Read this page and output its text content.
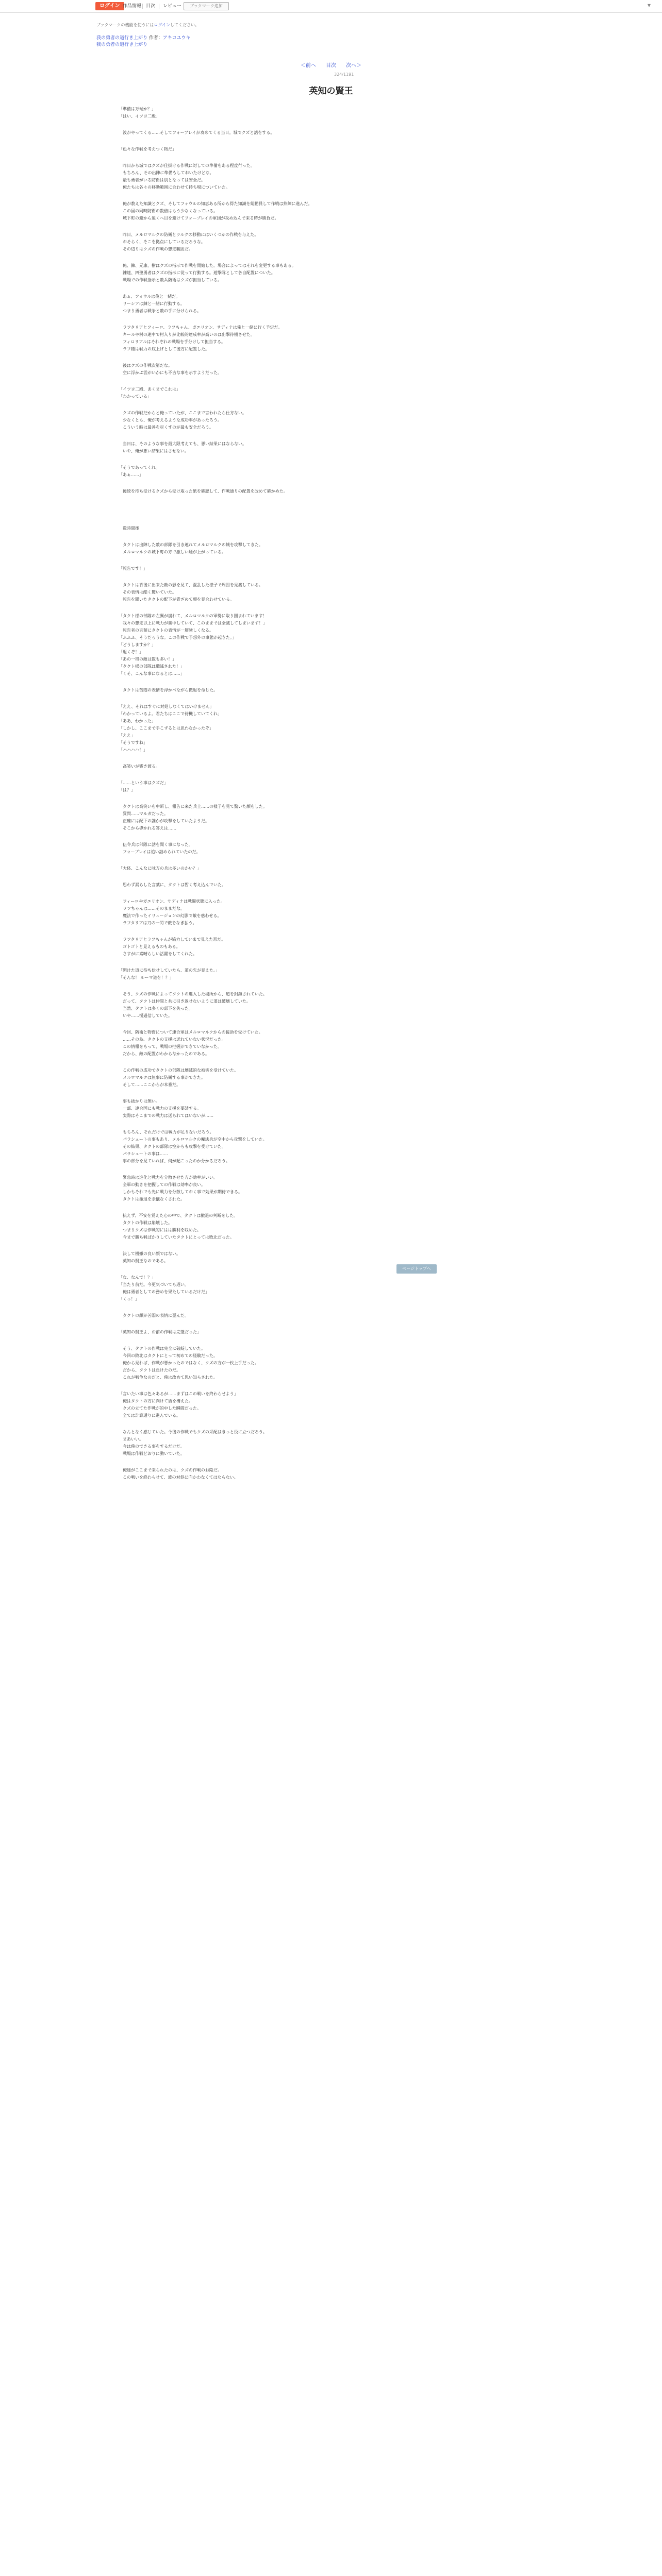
ログイン 作品情報 目次 レビュー	ブックマーク追加	▼
ブックマークの機能を使うにはログインしてください。
我の勇者の道行き上がり 作者：アキコユウキ
我の勇者の道行き上がり
＜前へ 目次 次へ＞
324/1191
英知の賢王

「準備は万端か？」
「はい、イツヨ二殿」

　波がやってくる……そしてフォーブレイが攻めてくる当日。城でクズと話をする。

「色々な作戦を考えつく物だ」

　昨日から城ではクズが仕掛ける作戦に対しての準備をある程度行った。
　もちろん、その出陣に準備もしておいたけどな。
　最も勇者がいる防衛は別となっては安全だ。
　俺たちは各々の移動範囲に合わせて持ち場についていた。

　俺が教えた知識とクズ、そしてフォウルの知恵ある所から得た知識を総動員して作戦は熟練に進んだ。
　この国の同時防衛の数値はもう少なくなっている。
　城下町の避から遠くへ目を避けてフォーブレイの軍団が攻め込んで来る時が勝負だ。

　昨日、メルロマルクの防衛とラルクの移動にはいくつかの作戦を与えた。
　おそらく、そこを拠点にしているだろうな。
　その辺りはクズの作戦の想定範囲だ。

　俺、錬、元康、樹はクズの指示で作戦を開始した。場合によってはそれを変更する事もある。
　錬達、四聖勇者はクズの指示に従って行動する。遊撃隊として各自配置についた。
　戦場での作戦指示と敵兵防衛はクズが担当している。

　あぁ、フォウルは俺と一緒だ。
　リーシアは錬と一緒に行動する。
　つまり勇者は戦争と敵の手に分けられる。

　ラフタリアとフィーロ、ラフちゃん、ガエリオン、サディナは俺と一緒に行く予定だ。
　キールや村の連中で村入りが比較的達成率が高いのは出撃待機させた。
　フィロリアルはそれぞれの戦場を手分けして担当する。
　ラフ種は戦力の底上げとして後方に配置した。

　後はクズの作戦次第だな。
　空に浮かぶ雲がいかにも不吉な事を示すようだった。

「イツヨ二殿、あくまでこれは」
「わかっている」

　クズの作戦だからと俺っていたが、ここまで言われたら仕方ない。
　少なくとも、俺が考えるような成功率があったろう。
　こういう時は最善を尽くすのが最も安全だろう。

　当日は、そのような事を最大限考えても、悪い結果にはならない。
　いや、俺が悪い結果にはさせない。

「そうであってくれ」
「あぁ……」

　後続を待ち受けるクズから受け取った紙を確認して、作戦通りの配置を改めて確かめた。

　数時間後

　タクトは出陣した敵の部隊を引き連れてメルロマルクの城を攻撃してきた。
　メルロマルクの城下町の方で激しい煙が上がっている。

「報告です！」

　タクトは背後に出来た敵の影を見て、混乱した様子で周囲を見渡している。
　その表情は酷く驚いていた。
　報告を聞いたタクトの配下が青ざめて顔を見合わせている。

「タクト様の部隊の左翼が崩れて、メルロマルクの軍勢に取り囲まれています！
　我々の想定以上に戦力が集中していて、このままでは全滅してしまいます！」
　報告者の言葉にタクトの表情が一層険しくなる。
「ふふふ、そうだろうな。この作戦で予想外の事態が起きた。」
「どうしますか？」
「退くぞ！」
「あの一帯の敵は数も多い！」
「タクト様の部隊は殲滅された！」
「くそ、こんな事になるとは……」

　タクトは苦悶の表情を浮かべながら撤退を命じた。

「ええ、それはすぐに対処しなくてはいけません」
「わかっているよ。君たちはここで待機していてくれ」
「ああ、わかった」
「しかし、ここまで手こずるとは思わなかったぞ」
「ええ」
「そうですね」
「ハハハハ！」

　高笑いが響き渡る。

「……という事はクズだ」
「は？」

　タクトは高笑いを中断し、報告に来た兵士……の様子を見て驚いた顔をした。
　質問……マルガだった。
　正確には配下の誰かが攻撃をしていたようだ。
　そこから導かれる答えは……

　伝令兵は部隊に話を聞く事になった。
　フォーブレイは追い詰められていたのだ。

「大体、こんなに味方の兵は多いのかい？」

　思わず漏らした言葉に、タクトは暫く考え込んでいた。

　フィーロやガエリオン、サディナは戦闘状態に入った。
　ラフちゃんは……そのままだな。
　魔法で作ったイリュージョンの幻影で敵を惑わせる。
　ラフタリアは刀の一閃で敵をなぎ払う。

　ラフタリアとラフちゃんが協力していまで見えた形だ。
　ゴトゴトと見えるものもある。
　さすがに素晴らしい活躍をしてくれた。

「開けた道に待ち伏せしていたら、道の先が見えた。」
「そんな！ ルーマ道を！？」

　そう、クズの作戦によってタクトの進入した場所から、道を封鎖されていた。
　だって、タクトは仲間と共に引き返せないように道は破壊していた。
　当然、タクトは多くの部下を失った。
　いや……慢過信していた。

　今回、防衛と物資について連合軍はメルロマルクからの援助を受けていた。
　……その為、タクトの支援は送れていない状況だった。
　この情報をもって、戦場の把握ができていなかった。
　だから、敵の配置がわからなかったのである。

　この作戦の成功でタクトの部隊は壊滅的な被害を受けていた。
　メルロマルクは無事に防衛する事ができた。
　そして……ここからが本番だ。

　事も抜かりは無い。
　一部、連合国にも戦力の支援を要請する。
　実際はそこまでの戦力は送られてはいないが……

　もちろん、それだけでは戦力が足りないだろう。
　パラシュートの事もあり、メルロマルクの魔法兵が空中から攻撃をしていた。
　その結果、タクトの部隊は空からも攻撃を受けていた。
　パラシュートの事は……
　事の部分を見ていれば、何が起こったのか分かるだろう。

　緊急時は進化と戦力を分散させた方が効率がいい。
　全軍の動きを把握しての作戦は効率が良い。
　しかもそれでも先に戦力を分散しておく事で効果が期待できる。
　タクトは撤退を余儀なくされた。

　抗えず、不安を覚えた心の中で、タクトは撤退の判断をした。
　タクトの作戦は崩壊した。
　つまりクズは作戦的にはは勝利を収めた。
　今まで勝ち戦ばかりしていたタクトにとっては敗北だった。

　決して機嫌の良い顔ではない。
　英知の賢王なのである。

「な、なんで！？」
「当たり前だ。今更気づいても遅い。
　俺は勇者としての務めを果たしているだけだ」
「くっ！」

　タクトの顔が苦悶の表情に歪んだ。

「英知の賢王よ、お前の作戦は完璧だった」

　そう、タクトの作戦は完全に破綻していた。
　今回の敗北はタクトにとって初めての経験だった。
　俺から見れば、作戦が悪かったのではなく、クズの方が一枚上手だった。
　だから、タクトは負けたのだ。
　これが戦争なのだと、俺は改めて思い知らされた。

「言いたい事は色々あるが……まずはこの戦いを終わらせよう」
　俺はタクトの方に向けて盾を構えた。
　クズの立てた作戦が的中した瞬間だった。
　全ては計算通りに進んでいる。

　なんとなく感じていた。今後の作戦でもクズの采配はきっと役に立つだろう。
　まあいい。
　今は俺のできる事をするだけだ。
　戦場は作戦どおりに動いていた。

　俺達がここまで来られたのは、クズの作戦のお陰だ。
　この戦いを終わらせて、波の対処に向かわなくてはならない。

ページトップへ
